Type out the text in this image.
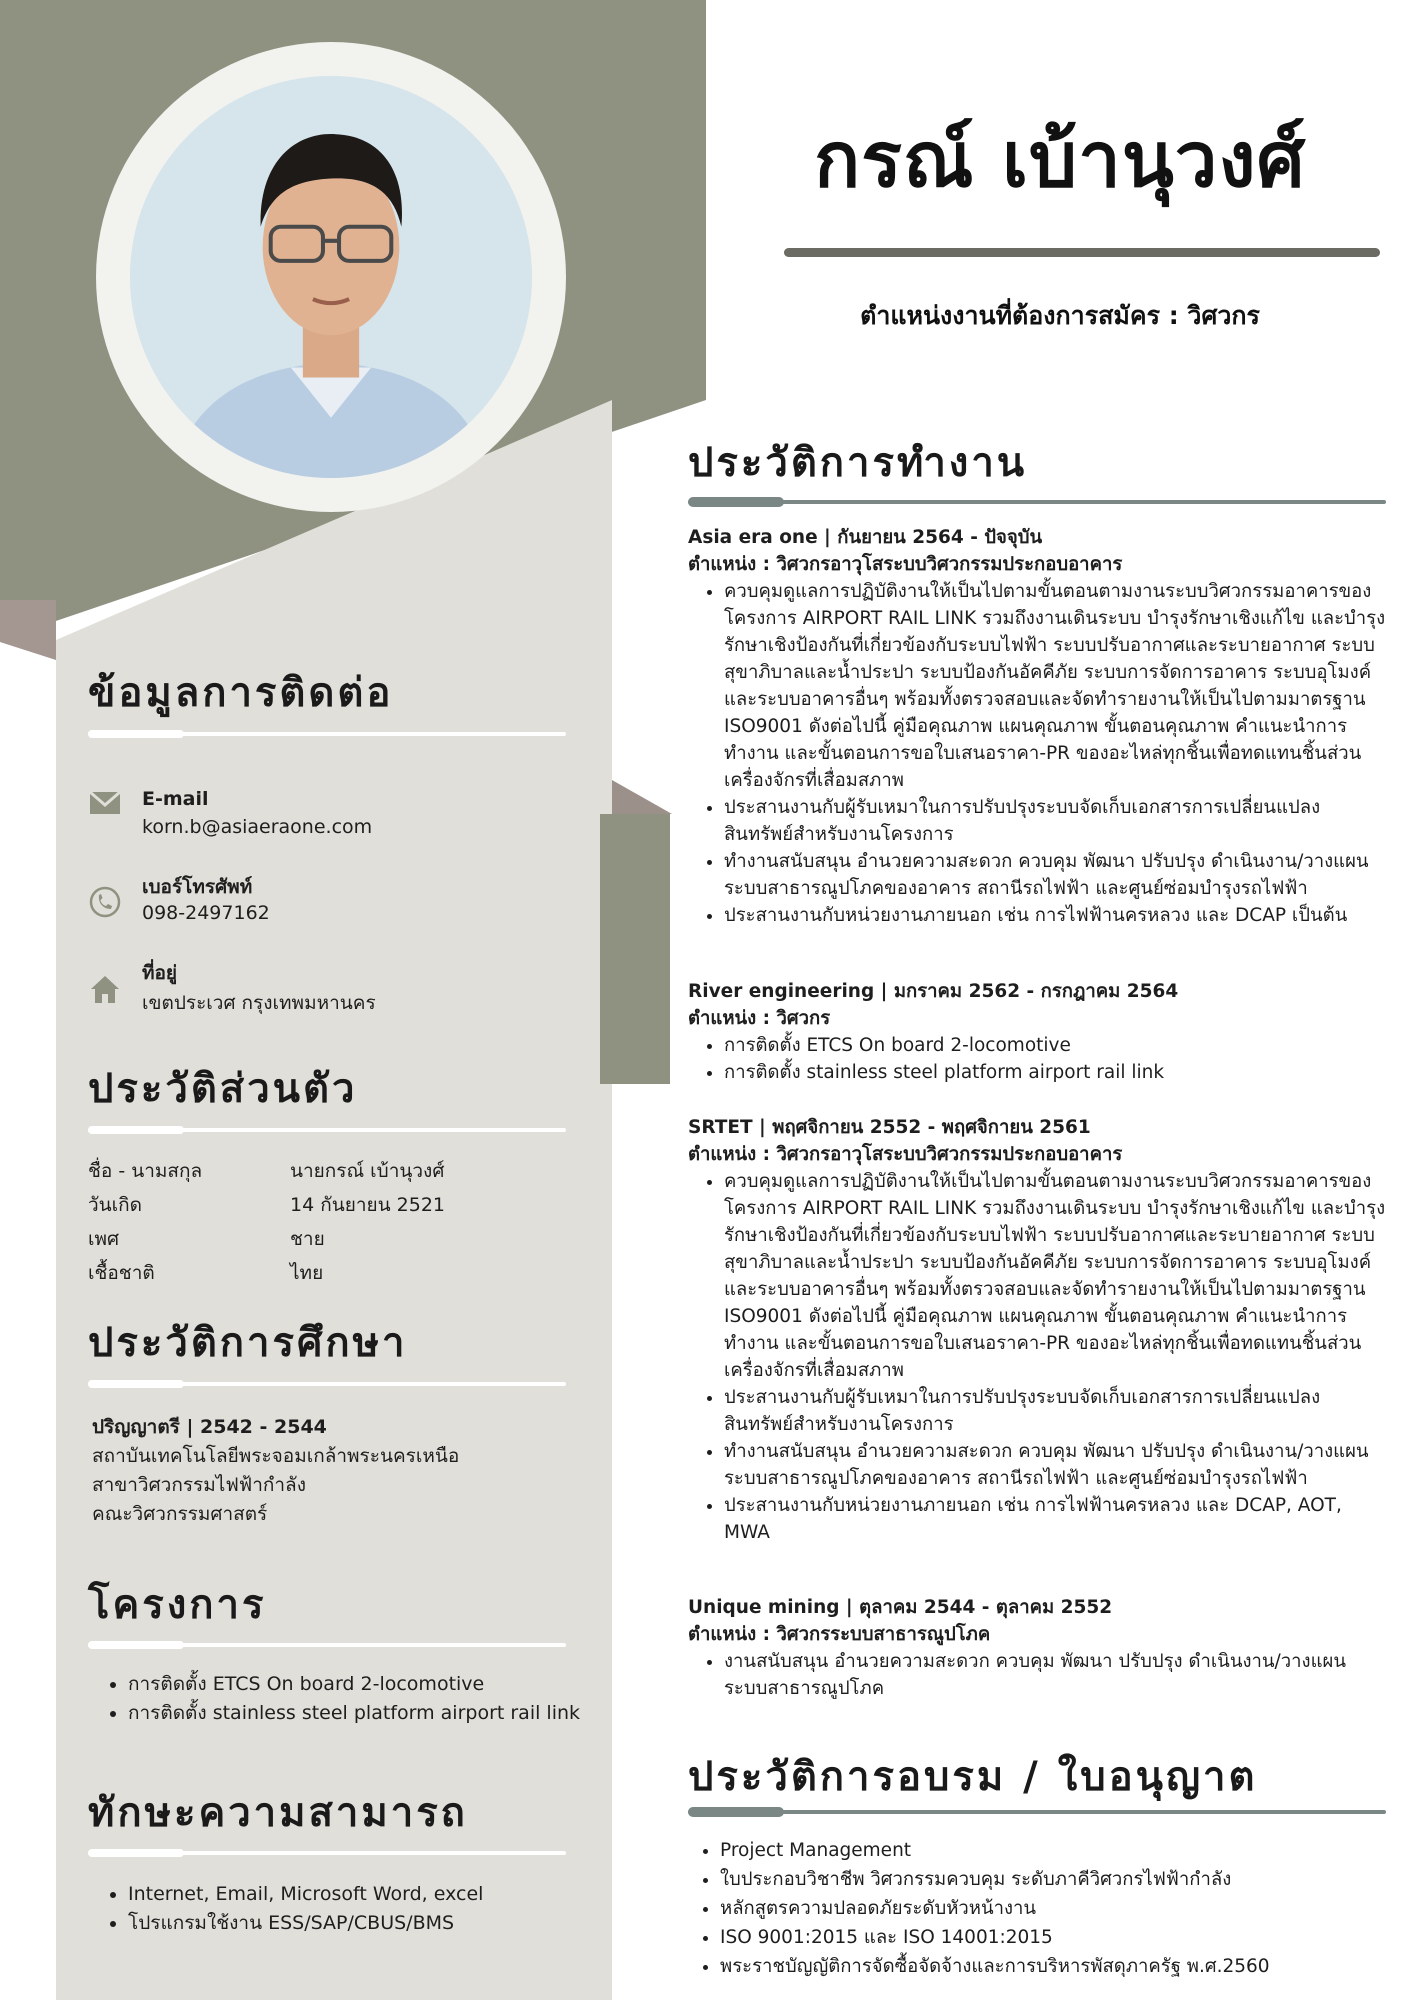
กรณ์ เบ้านุวงศ์
ตำแหน่งงานที่ต้องการสมัคร : วิศวกร
ข้อมูลการติดต่อ
E-mail
korn.b@asiaeraone.com
เบอร์โทรศัพท์
098-2497162
ที่อยู่
เขตประเวศ กรุงเทพมหานคร
ประวัติส่วนตัว
ชื่อ - นามสกุล	นายกรณ์ เบ้านุวงศ์
วันเกิด	14 กันยายน 2521
เพศ	ชาย
เชื้อชาติ	ไทย
ประวัติการศึกษา
ปริญญาตรี | 2542 - 2544
สถาบันเทคโนโลยีพระจอมเกล้าพระนครเหนือ
สาขาวิศวกรรมไฟฟ้ากำลัง
คณะวิศวกรรมศาสตร์
โครงการ
• การติดตั้ง ETCS On board 2-locomotive
• การติดตั้ง stainless steel platform airport rail link
ทักษะความสามารถ
• Internet, Email, Microsoft Word, excel
• โปรแกรมใช้งาน ESS/SAP/CBUS/BMS
ประวัติการทำงาน
Asia era one | กันยายน 2564 - ปัจจุบัน
ตำแหน่ง : วิศวกรอาวุโสระบบวิศวกรรมประกอบอาคาร
• ควบคุมดูแลการปฏิบัติงานให้เป็นไปตามขั้นตอนตามงานระบบวิศวกรรมอาคารของโครงการ AIRPORT RAIL LINK รวมถึงงานเดินระบบ บำรุงรักษาเชิงแก้ไข และบำรุงรักษาเชิงป้องกันที่เกี่ยวข้องกับระบบไฟฟ้า ระบบปรับอากาศและระบายอากาศ ระบบสุขาภิบาลและน้ำประปา ระบบป้องกันอัคคีภัย ระบบการจัดการอาคาร ระบบอุโมงค์ และระบบอาคารอื่นๆ พร้อมทั้งตรวจสอบและจัดทำรายงานให้เป็นไปตามมาตรฐาน ISO9001 ดังต่อไปนี้ คู่มือคุณภาพ แผนคุณภาพ ขั้นตอนคุณภาพ คำแนะนำการทำงาน และขั้นตอนการขอใบเสนอราคา-PR ของอะไหล่ทุกชิ้นเพื่อทดแทนชิ้นส่วนเครื่องจักรที่เสื่อมสภาพ
• ประสานงานกับผู้รับเหมาในการปรับปรุงระบบจัดเก็บเอกสารการเปลี่ยนแปลงสินทรัพย์สำหรับงานโครงการ
• ทำงานสนับสนุน อำนวยความสะดวก ควบคุม พัฒนา ปรับปรุง ดำเนินงาน/วางแผนระบบสาธารณูปโภคของอาคาร สถานีรถไฟฟ้า และศูนย์ซ่อมบำรุงรถไฟฟ้า
• ประสานงานกับหน่วยงานภายนอก เช่น การไฟฟ้านครหลวง และ DCAP เป็นต้น
River engineering | มกราคม 2562 - กรกฎาคม 2564
ตำแหน่ง : วิศวกร
• การติดตั้ง ETCS On board 2-locomotive
• การติดตั้ง stainless steel platform airport rail link
SRTET | พฤศจิกายน 2552 - พฤศจิกายน 2561
ตำแหน่ง : วิศวกรอาวุโสระบบวิศวกรรมประกอบอาคาร
• ควบคุมดูแลการปฏิบัติงานให้เป็นไปตามขั้นตอนตามงานระบบวิศวกรรมอาคารของโครงการ AIRPORT RAIL LINK รวมถึงงานเดินระบบ บำรุงรักษาเชิงแก้ไข และบำรุงรักษาเชิงป้องกันที่เกี่ยวข้องกับระบบไฟฟ้า ระบบปรับอากาศและระบายอากาศ ระบบสุขาภิบาลและน้ำประปา ระบบป้องกันอัคคีภัย ระบบการจัดการอาคาร ระบบอุโมงค์ และระบบอาคารอื่นๆ พร้อมทั้งตรวจสอบและจัดทำรายงานให้เป็นไปตามมาตรฐาน ISO9001 ดังต่อไปนี้ คู่มือคุณภาพ แผนคุณภาพ ขั้นตอนคุณภาพ คำแนะนำการทำงาน และขั้นตอนการขอใบเสนอราคา-PR ของอะไหล่ทุกชิ้นเพื่อทดแทนชิ้นส่วนเครื่องจักรที่เสื่อมสภาพ
• ประสานงานกับผู้รับเหมาในการปรับปรุงระบบจัดเก็บเอกสารการเปลี่ยนแปลงสินทรัพย์สำหรับงานโครงการ
• ทำงานสนับสนุน อำนวยความสะดวก ควบคุม พัฒนา ปรับปรุง ดำเนินงาน/วางแผนระบบสาธารณูปโภคของอาคาร สถานีรถไฟฟ้า และศูนย์ซ่อมบำรุงรถไฟฟ้า
• ประสานงานกับหน่วยงานภายนอก เช่น การไฟฟ้านครหลวง และ DCAP, AOT, MWA
Unique mining | ตุลาคม 2544 - ตุลาคม 2552
ตำแหน่ง : วิศวกรระบบสาธารณูปโภค
• งานสนับสนุน อำนวยความสะดวก ควบคุม พัฒนา ปรับปรุง ดำเนินงาน/วางแผนระบบสาธารณูปโภค
ประวัติการอบรม / ใบอนุญาต
• Project Management
• ใบประกอบวิชาชีพ วิศวกรรมควบคุม ระดับภาคีวิศวกรไฟฟ้ากำลัง
• หลักสูตรความปลอดภัยระดับหัวหน้างาน
• ISO 9001:2015 และ ISO 14001:2015
• พระราชบัญญัติการจัดซื้อจัดจ้างและการบริหารพัสดุภาครัฐ พ.ศ.2560
